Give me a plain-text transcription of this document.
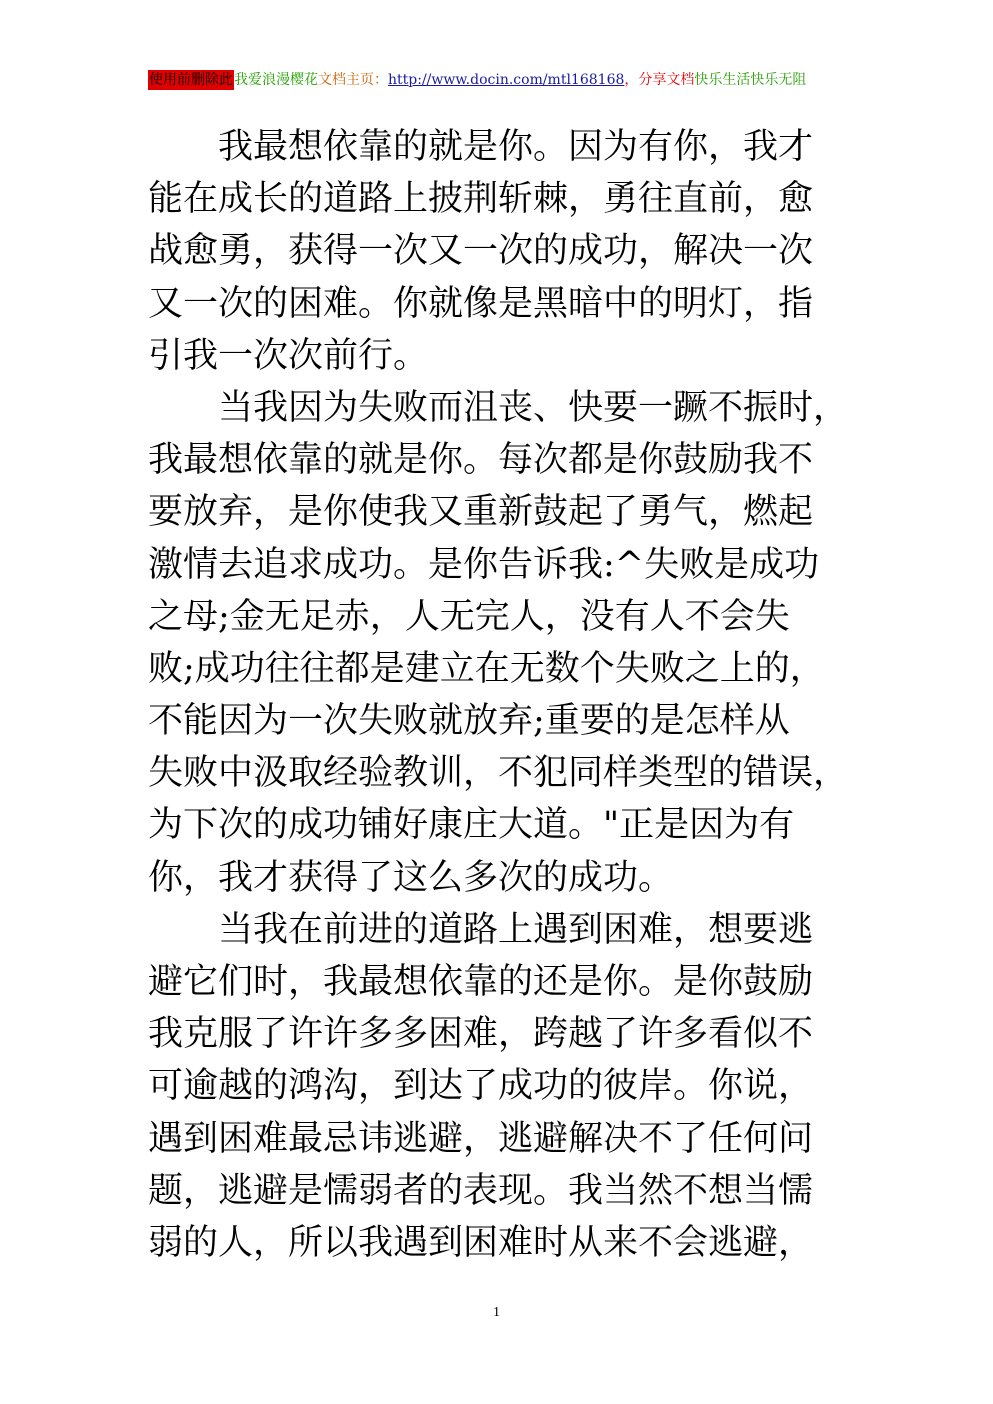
使用前删除此 我爱浪漫樱花 文档主页： http://www.docin.com/mtl168168 ，分享文档 快乐生活快乐无阻
　　我最想依靠的就是你。因为有你，我才
能在成长的道路上披荆斩棘，勇往直前，愈
战愈勇，获得一次又一次的成功，解决一次
又一次的困难。你就像是黑暗中的明灯，指
引我一次次前行。
　　当我因为失败而沮丧、快要一蹶不振时，
我最想依靠的就是你。每次都是你鼓励我不
要放弃，是你使我又重新鼓起了勇气，燃起
激情去追求成功。是你告诉我:^失败是成功
之母;金无足赤，人无完人，没有人不会失
败;成功往往都是建立在无数个失败之上的，
不能因为一次失败就放弃;重要的是怎样从
失败中汲取经验教训，不犯同样类型的错误，
为下次的成功铺好康庄大道。"正是因为有
你，我才获得了这么多次的成功。
　　当我在前进的道路上遇到困难，想要逃
避它们时，我最想依靠的还是你。是你鼓励
我克服了许许多多困难，跨越了许多看似不
可逾越的鸿沟，到达了成功的彼岸。你说，
遇到困难最忌讳逃避，逃避解决不了任何问
题，逃避是懦弱者的表现。我当然不想当懦
弱的人，所以我遇到困难时从来不会逃避，
1
